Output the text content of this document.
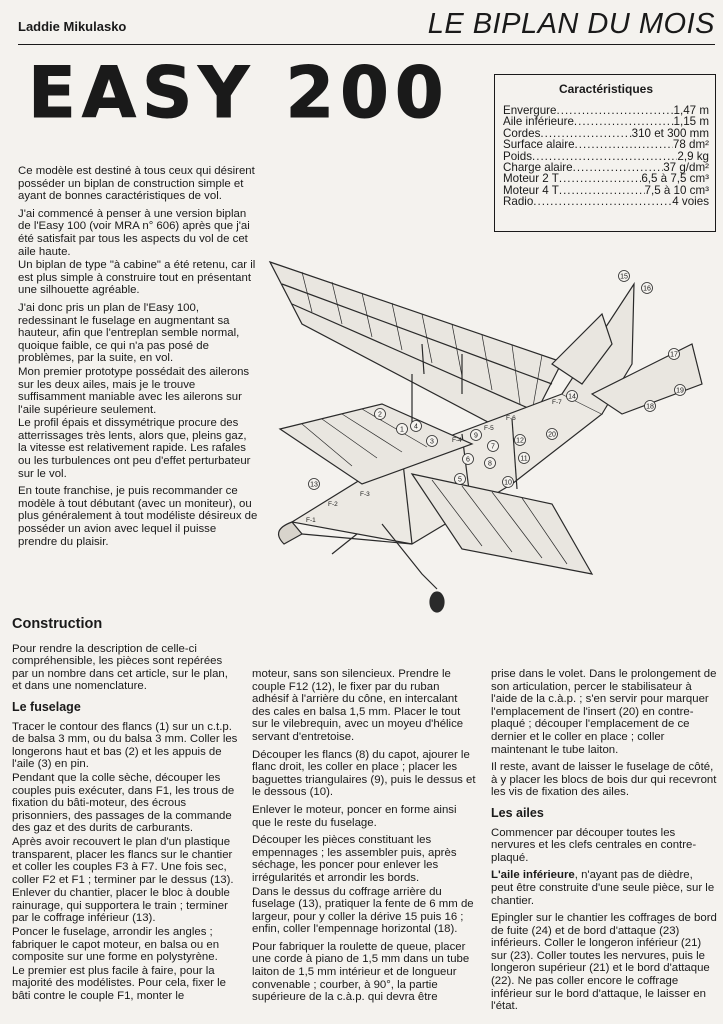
Laddie Mikulasko	LE BIPLAN DU MOIS
EASY 200	Caractéristiques
Envergure .....	1,47 m
Aile inférieure .....	1,15 m
Cordes .....	310 et 300 mm
Surface alaire .....	78 dm²
Poids .....	2,9 kg
Charge alaire .....	37 g/dm²
Moteur 2 T .....	6,5 à 7,5 cm³
Moteur 4 T .....	7,5 à 10 cm³
Radio .....	4 voies

Ce modèle est destiné à tous ceux qui désirent posséder un biplan de construction simple et ayant de bonnes caractéristiques de vol.

J'ai commencé à penser à une version biplan de l'Easy 100 (voir MRA n° 606) après que j'ai été satisfait par tous les aspects du vol de cet aile haute.

Un biplan de type "à cabine" a été retenu, car il est plus simple à construire tout en présentant une silhouette agréable.

J'ai donc pris un plan de l'Easy 100, redessinant le fuselage en augmentant sa hauteur, afin que l'entreplan semble normal, quoique faible, ce qui n'a pas posé de problèmes, par la suite, en vol.

Mon premier prototype possédait des ailerons sur les deux ailes, mais je le trouve suffisamment maniable avec les ailerons sur l'aile supérieure seulement.

Le profil épais et dissymétrique procure des atterrissages très lents, alors que, pleins gaz, la vitesse est relativement rapide. Les rafales ou les turbulences ont peu d'effet perturbateur sur le vol.

En toute franchise, je puis recommander ce modèle à tout débutant (avec un moniteur), ou plus généralement à tout modéliste désireux de posséder un avion avec lequel il puisse prendre du plaisir.

1
2
3
4
5
6
7
8
9
10
11
12
13
14
15
16
17
18
19
20
F-1
F-2
F-3
F-4
F-5
F-6
F-7
Construction

Pour rendre la description de celle-ci compréhensible, les pièces sont repérées par un nombre dans cet article, sur le plan, et dans une nomenclature.

Le fuselage

Tracer le contour des flancs (1) sur un c.t.p. de balsa 3 mm, ou du balsa 3 mm. Coller les longerons haut et bas (2) et les appuis de l'aile (3) en pin.

Pendant que la colle sèche, découper les couples puis exécuter, dans F1, les trous de fixation du bâti-moteur, des écrous prisonniers, des passages de la commande des gaz et des durits de carburants.

Après avoir recouvert le plan d'un plastique transparent, placer les flancs sur le chantier et coller les couples F3 à F7. Une fois sec, coller F2 et F1 ; terminer par le dessus (13).

Enlever du chantier, placer le bloc à double rainurage, qui supportera le train ; terminer par le coffrage inférieur (13).

Poncer le fuselage, arrondir les angles ; fabriquer le capot moteur, en balsa ou en composite sur une forme en polystyrène.

Le premier est plus facile à faire, pour la majorité des modélistes. Pour cela, fixer le bâti contre le couple F1, monter le

moteur, sans son silencieux. Prendre le couple F12 (12), le fixer par du ruban adhésif à l'arrière du cône, en intercalant des cales en balsa 1,5 mm. Placer le tout sur le vilebrequin, avec un moyeu d'hélice servant d'entretoise.

Découper les flancs (8) du capot, ajourer le flanc droit, les coller en place ; placer les baguettes triangulaires (9), puis le dessus et le dessous (10).

Enlever le moteur, poncer en forme ainsi que le reste du fuselage.

Découper les pièces constituant les empennages ; les assembler puis, après séchage, les poncer pour enlever les irrégularités et arrondir les bords.

Dans le dessus du coffrage arrière du fuselage (13), pratiquer la fente de 6 mm de largeur, pour y coller la dérive 15 puis 16 ; enfin, coller l'empennage horizontal (18).

Pour fabriquer la roulette de queue, placer une corde à piano de 1,5 mm dans un tube laiton de 1,5 mm intérieur et de longueur convenable ; courber, à 90°, la partie supérieure de la c.à.p. qui devra être

prise dans le volet. Dans le prolongement de son articulation, percer le stabilisateur à l'aide de la c.à.p. ; s'en servir pour marquer l'emplacement de l'insert (20) en contre-plaqué ; découper l'emplacement de ce dernier et le coller en place ; coller maintenant le tube laiton.

Il reste, avant de laisser le fuselage de côté, à y placer les blocs de bois dur qui recevront les vis de fixation des ailes.

Les ailes

Commencer par découper toutes les nervures et les clefs centrales en contre-plaqué.

L'aile inférieure, n'ayant pas de dièdre, peut être construite d'une seule pièce, sur le chantier.

Epingler sur le chantier les coffrages de bord de fuite (24) et de bord d'attaque (23) inférieurs. Coller le longeron inférieur (21) sur (23). Coller toutes les nervures, puis le longeron supérieur (21) et le bord d'attaque (22). Ne pas coller encore le coffrage inférieur sur le bord d'attaque, le laisser en l'état.
